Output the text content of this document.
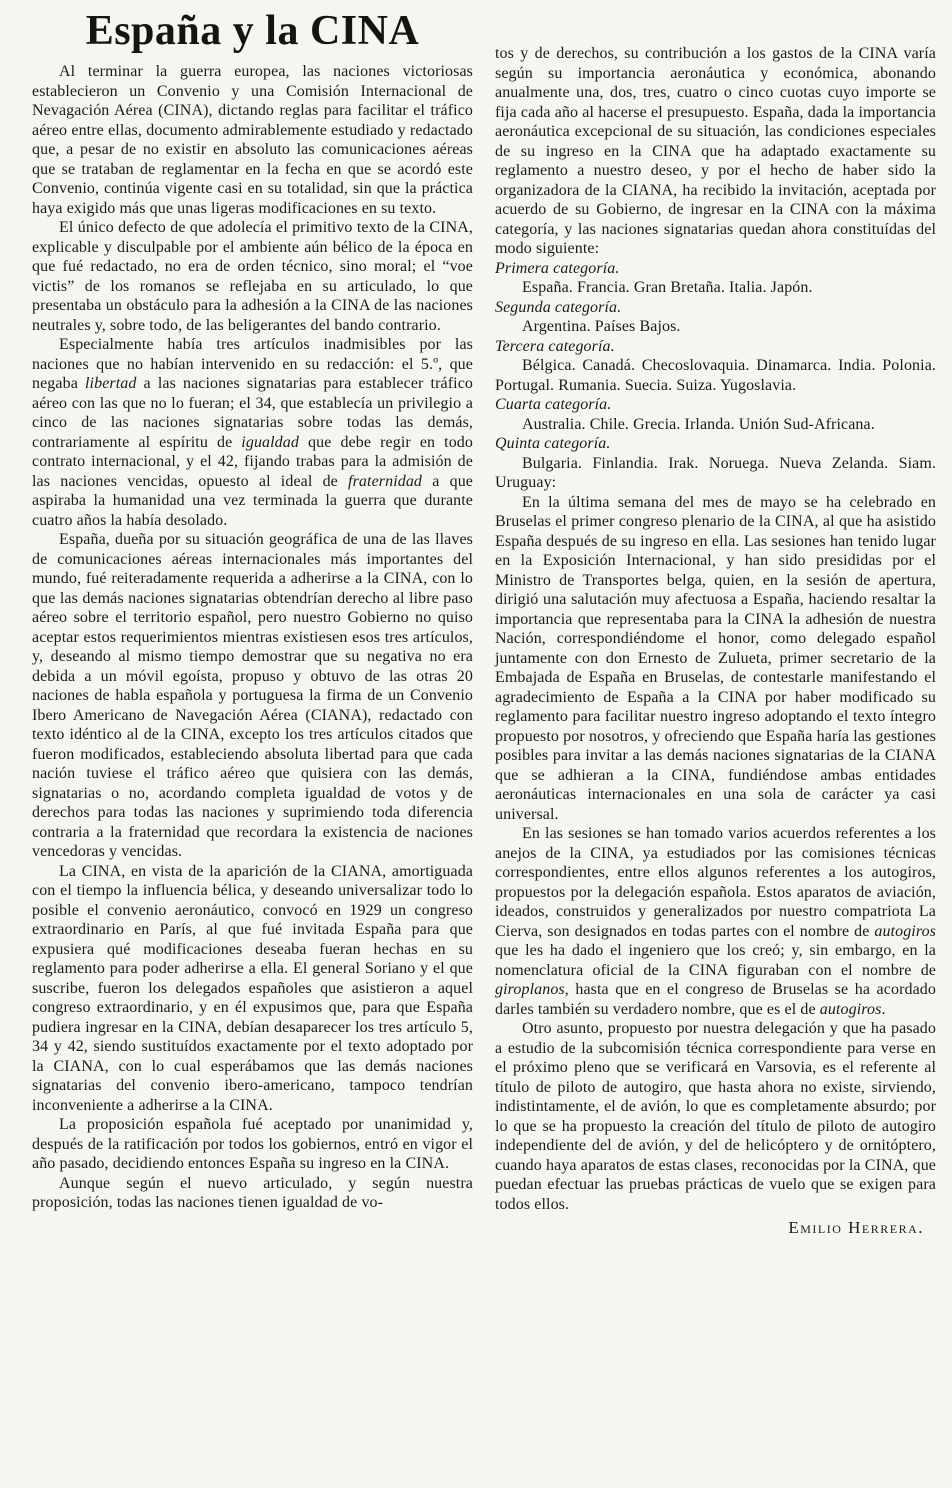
España y la CINA

Al terminar la guerra europea, las naciones victoriosas establecieron un Convenio y una Comisión Internacional de Nevagación Aérea (CINA), dictando reglas para facilitar el tráfico aéreo entre ellas, documento admirablemente estudiado y redactado que, a pesar de no existir en absoluto las comunicaciones aéreas que se trataban de reglamentar en la fecha en que se acordó este Convenio, continúa vigente casi en su totalidad, sin que la práctica haya exigido más que unas ligeras modificaciones en su texto.

El único defecto de que adolecía el primitivo texto de la CINA, explicable y disculpable por el ambiente aún bélico de la época en que fué redactado, no era de orden técnico, sino moral; el “voe victis” de los romanos se reflejaba en su articulado, lo que presentaba un obstáculo para la adhesión a la CINA de las naciones neutrales y, sobre todo, de las beligerantes del bando contrario.

Especialmente había tres artículos inadmisibles por las naciones que no habían intervenido en su redacción: el 5.º, que negaba libertad a las naciones signatarias para establecer tráfico aéreo con las que no lo fueran; el 34, que establecía un privilegio a cinco de las naciones signatarias sobre todas las demás, contrariamente al espíritu de igualdad que debe regir en todo contrato internacional, y el 42, fijando trabas para la admisión de las naciones vencidas, opuesto al ideal de fraternidad a que aspiraba la humanidad una vez terminada la guerra que durante cuatro años la había desolado.

España, dueña por su situación geográfica de una de las llaves de comunicaciones aéreas internacionales más importantes del mundo, fué reiteradamente requerida a adherirse a la CINA, con lo que las demás naciones signatarias obtendrían derecho al libre paso aéreo sobre el territorio español, pero nuestro Gobierno no quiso aceptar estos requerimientos mientras existiesen esos tres artículos, y, deseando al mismo tiempo demostrar que su negativa no era debida a un móvil egoísta, propuso y obtuvo de las otras 20 naciones de habla española y portuguesa la firma de un Convenio Ibero Americano de Navegación Aérea (CIANA), redactado con texto idéntico al de la CINA, excepto los tres artículos citados que fueron modificados, estableciendo absoluta libertad para que cada nación tuviese el tráfico aéreo que quisiera con las demás, signatarias o no, acordando completa igualdad de votos y de derechos para todas las naciones y suprimiendo toda diferencia contraria a la fraternidad que recordara la existencia de naciones vencedoras y vencidas.

La CINA, en vista de la aparición de la CIANA, amortiguada con el tiempo la influencia bélica, y deseando universalizar todo lo posible el convenio aeronáutico, convocó en 1929 un congreso extraordinario en París, al que fué invitada España para que expusiera qué modificaciones deseaba fueran hechas en su reglamento para poder adherirse a ella. El general Soriano y el que suscribe, fueron los delegados españoles que asistieron a aquel congreso extraordinario, y en él expusimos que, para que España pudiera ingresar en la CINA, debían desaparecer los tres artículo 5, 34 y 42, siendo sustituídos exactamente por el texto adoptado por la CIANA, con lo cual esperábamos que las demás naciones signatarias del convenio ibero-americano, tampoco tendrían inconveniente a adherirse a la CINA.

La proposición española fué aceptado por unanimidad y, después de la ratificación por todos los gobiernos, entró en vigor el año pasado, decidiendo entonces España su ingreso en la CINA.

Aunque según el nuevo articulado, y según nuestra proposición, todas las naciones tienen igualdad de vo-

tos y de derechos, su contribución a los gastos de la CINA varía según su importancia aeronáutica y económica, abonando anualmente una, dos, tres, cuatro o cinco cuotas cuyo importe se fija cada año al hacerse el presupuesto. España, dada la importancia aeronáutica excepcional de su situación, las condiciones especiales de su ingreso en la CINA que ha adaptado exactamente su reglamento a nuestro deseo, y por el hecho de haber sido la organizadora de la CIANA, ha recibido la invitación, aceptada por acuerdo de su Gobierno, de ingresar en la CINA con la máxima categoría, y las naciones signatarias quedan ahora constituídas del modo siguiente:

Primera categoría.

España. Francia. Gran Bretaña. Italia. Japón.

Segunda categoría.

Argentina. Países Bajos.

Tercera categoría.

Bélgica. Canadá. Checoslovaquia. Dinamarca. India. Polonia. Portugal. Rumania. Suecia. Suiza. Yugoslavia.

Cuarta categoría.

Australia. Chile. Grecia. Irlanda. Unión Sud-Africana.

Quinta categoría.

Bulgaria. Finlandia. Irak. Noruega. Nueva Zelanda. Siam. Uruguay:

En la última semana del mes de mayo se ha celebrado en Bruselas el primer congreso plenario de la CINA, al que ha asistido España después de su ingreso en ella. Las sesiones han tenido lugar en la Exposición Internacional, y han sido presididas por el Ministro de Transportes belga, quien, en la sesión de apertura, dirigió una salutación muy afectuosa a España, haciendo resaltar la importancia que representaba para la CINA la adhesión de nuestra Nación, correspondiéndome el honor, como delegado español juntamente con don Ernesto de Zulueta, primer secretario de la Embajada de España en Bruselas, de contestarle manifestando el agradecimiento de España a la CINA por haber modificado su reglamento para facilitar nuestro ingreso adoptando el texto íntegro propuesto por nosotros, y ofreciendo que España haría las gestiones posibles para invitar a las demás naciones signatarias de la CIANA que se adhieran a la CINA, fundiéndose ambas entidades aeronáuticas internacionales en una sola de carácter ya casi universal.

En las sesiones se han tomado varios acuerdos referentes a los anejos de la CINA, ya estudiados por las comisiones técnicas correspondientes, entre ellos algunos referentes a los autogiros, propuestos por la delegación española. Estos aparatos de aviación, ideados, construidos y generalizados por nuestro compatriota La Cierva, son designados en todas partes con el nombre de autogiros que les ha dado el ingeniero que los creó; y, sin embargo, en la nomenclatura oficial de la CINA figuraban con el nombre de giroplanos, hasta que en el congreso de Bruselas se ha acordado darles también su verdadero nombre, que es el de autogiros.

Otro asunto, propuesto por nuestra delegación y que ha pasado a estudio de la subcomisión técnica correspondiente para verse en el próximo pleno que se verificará en Varsovia, es el referente al título de piloto de autogiro, que hasta ahora no existe, sirviendo, indistintamente, el de avión, lo que es completamente absurdo; por lo que se ha propuesto la creación del título de piloto de autogiro independiente del de avión, y del de helicóptero y de ornitóptero, cuando haya aparatos de estas clases, reconocidas por la CINA, que puedan efectuar las pruebas prácticas de vuelo que se exigen para todos ellos.

Emilio Herrera.
